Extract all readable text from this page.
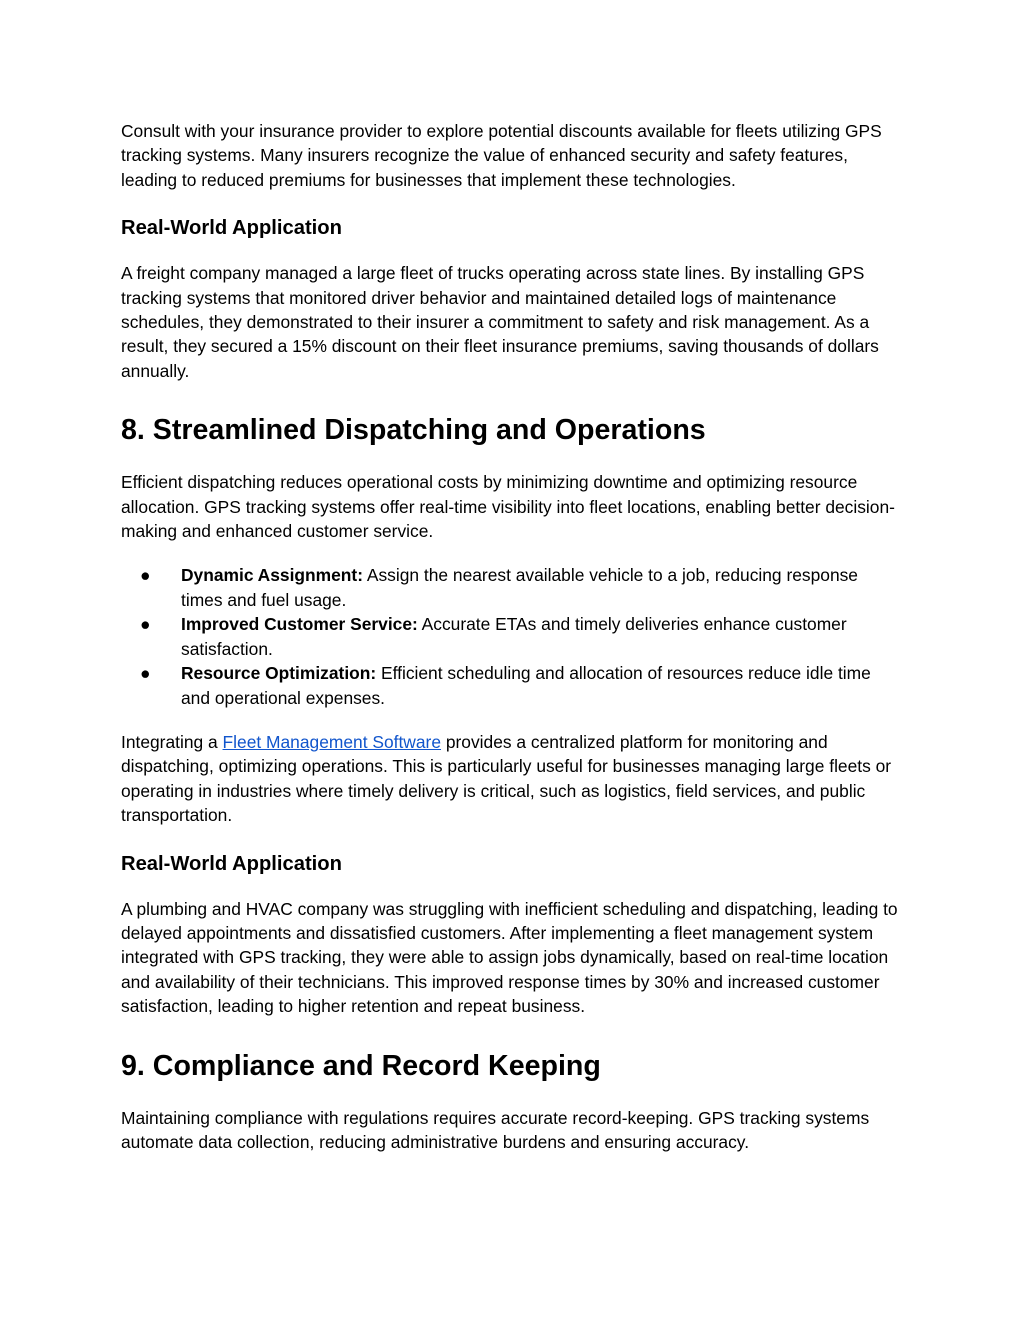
Consult with your insurance provider to explore potential discounts available for fleets utilizing GPS tracking systems. Many insurers recognize the value of enhanced security and safety features, leading to reduced premiums for businesses that implement these technologies.

Real-World Application

A freight company managed a large fleet of trucks operating across state lines. By installing GPS tracking systems that monitored driver behavior and maintained detailed logs of maintenance schedules, they demonstrated to their insurer a commitment to safety and risk management. As a result, they secured a 15% discount on their fleet insurance premiums, saving thousands of dollars annually.

8. Streamlined Dispatching and Operations

Efficient dispatching reduces operational costs by minimizing downtime and optimizing resource allocation. GPS tracking systems offer real-time visibility into fleet locations, enabling better decision-making and enhanced customer service.

● Dynamic Assignment: Assign the nearest available vehicle to a job, reducing response times and fuel usage.
● Improved Customer Service: Accurate ETAs and timely deliveries enhance customer satisfaction.
● Resource Optimization: Efficient scheduling and allocation of resources reduce idle time and operational expenses.

Integrating a Fleet Management Software provides a centralized platform for monitoring and dispatching, optimizing operations. This is particularly useful for businesses managing large fleets or operating in industries where timely delivery is critical, such as logistics, field services, and public transportation.

Real-World Application

A plumbing and HVAC company was struggling with inefficient scheduling and dispatching, leading to delayed appointments and dissatisfied customers. After implementing a fleet management system integrated with GPS tracking, they were able to assign jobs dynamically, based on real-time location and availability of their technicians. This improved response times by 30% and increased customer satisfaction, leading to higher retention and repeat business.

9. Compliance and Record Keeping

Maintaining compliance with regulations requires accurate record-keeping. GPS tracking systems automate data collection, reducing administrative burdens and ensuring accuracy.
